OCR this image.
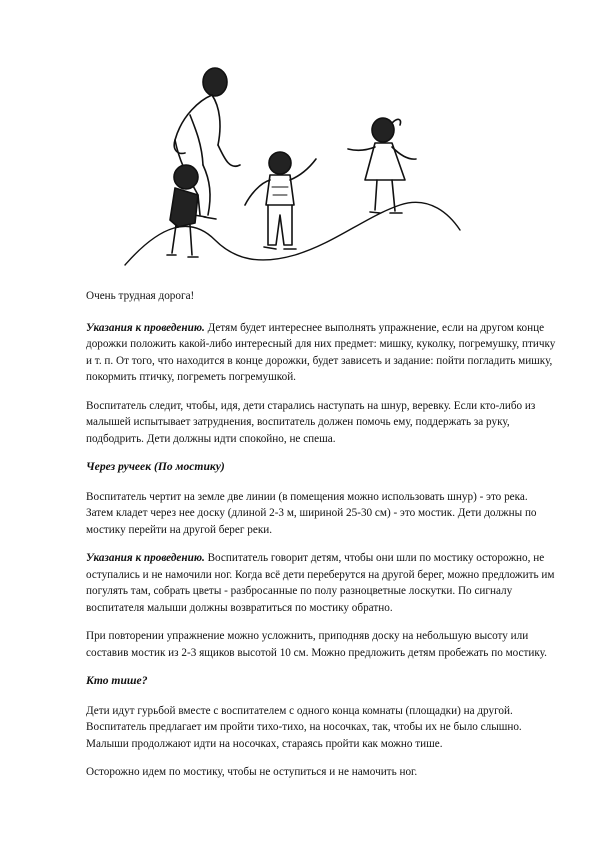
Очень трудная дорога!

Указания к проведению. Детям будет интереснее выполнять упражнение, если на другом конце дорожки положить какой-либо интересный для них предмет: мишку, куколку, погремушку, птичку и т. п. От того, что находится в конце дорожки, будет зависеть и задание: пойти погладить мишку, покормить птичку, погреметь погремушкой.

Воспитатель следит, чтобы, идя, дети старались наступать на шнур, веревку. Если кто-либо из малышей испытывает затруднения, воспитатель должен помочь ему, поддержать за руку, подбодрить. Дети должны идти спокойно, не спеша.

Через ручеек (По мостику)

Воспитатель чертит на земле две линии (в помещения можно использовать шнур) - это река. Затем кладет через нее доску (длиной 2-3 м, шириной 25-30 см) - это мостик. Дети должны по мостику перейти на другой берег реки.

Указания к проведению. Воспитатель говорит детям, чтобы они шли по мостику осторожно, не оступались и не намочили ног. Когда всё дети переберутся на другой берег, можно предложить им погулять там, собрать цветы - разбросанные по полу разноцветные лоскутки. По сигналу воспитателя малыши должны возвратиться по мостику обратно.

При повторении упражнение можно усложнить, приподняв доску на небольшую высоту или составив мостик из 2-3 ящиков высотой 10 см. Можно предложить детям пробежать по мостику.

Кто тише?

Дети идут гурьбой вместе с воспитателем с одного конца комнаты (площадки) на другой. Воспитатель предлагает им пройти тихо-тихо, на носочках, так, чтобы их не было слышно. Малыши продолжают идти на носочках, стараясь пройти как можно тише.

Осторожно идем по мостику, чтобы не оступиться и не намочить ног.
